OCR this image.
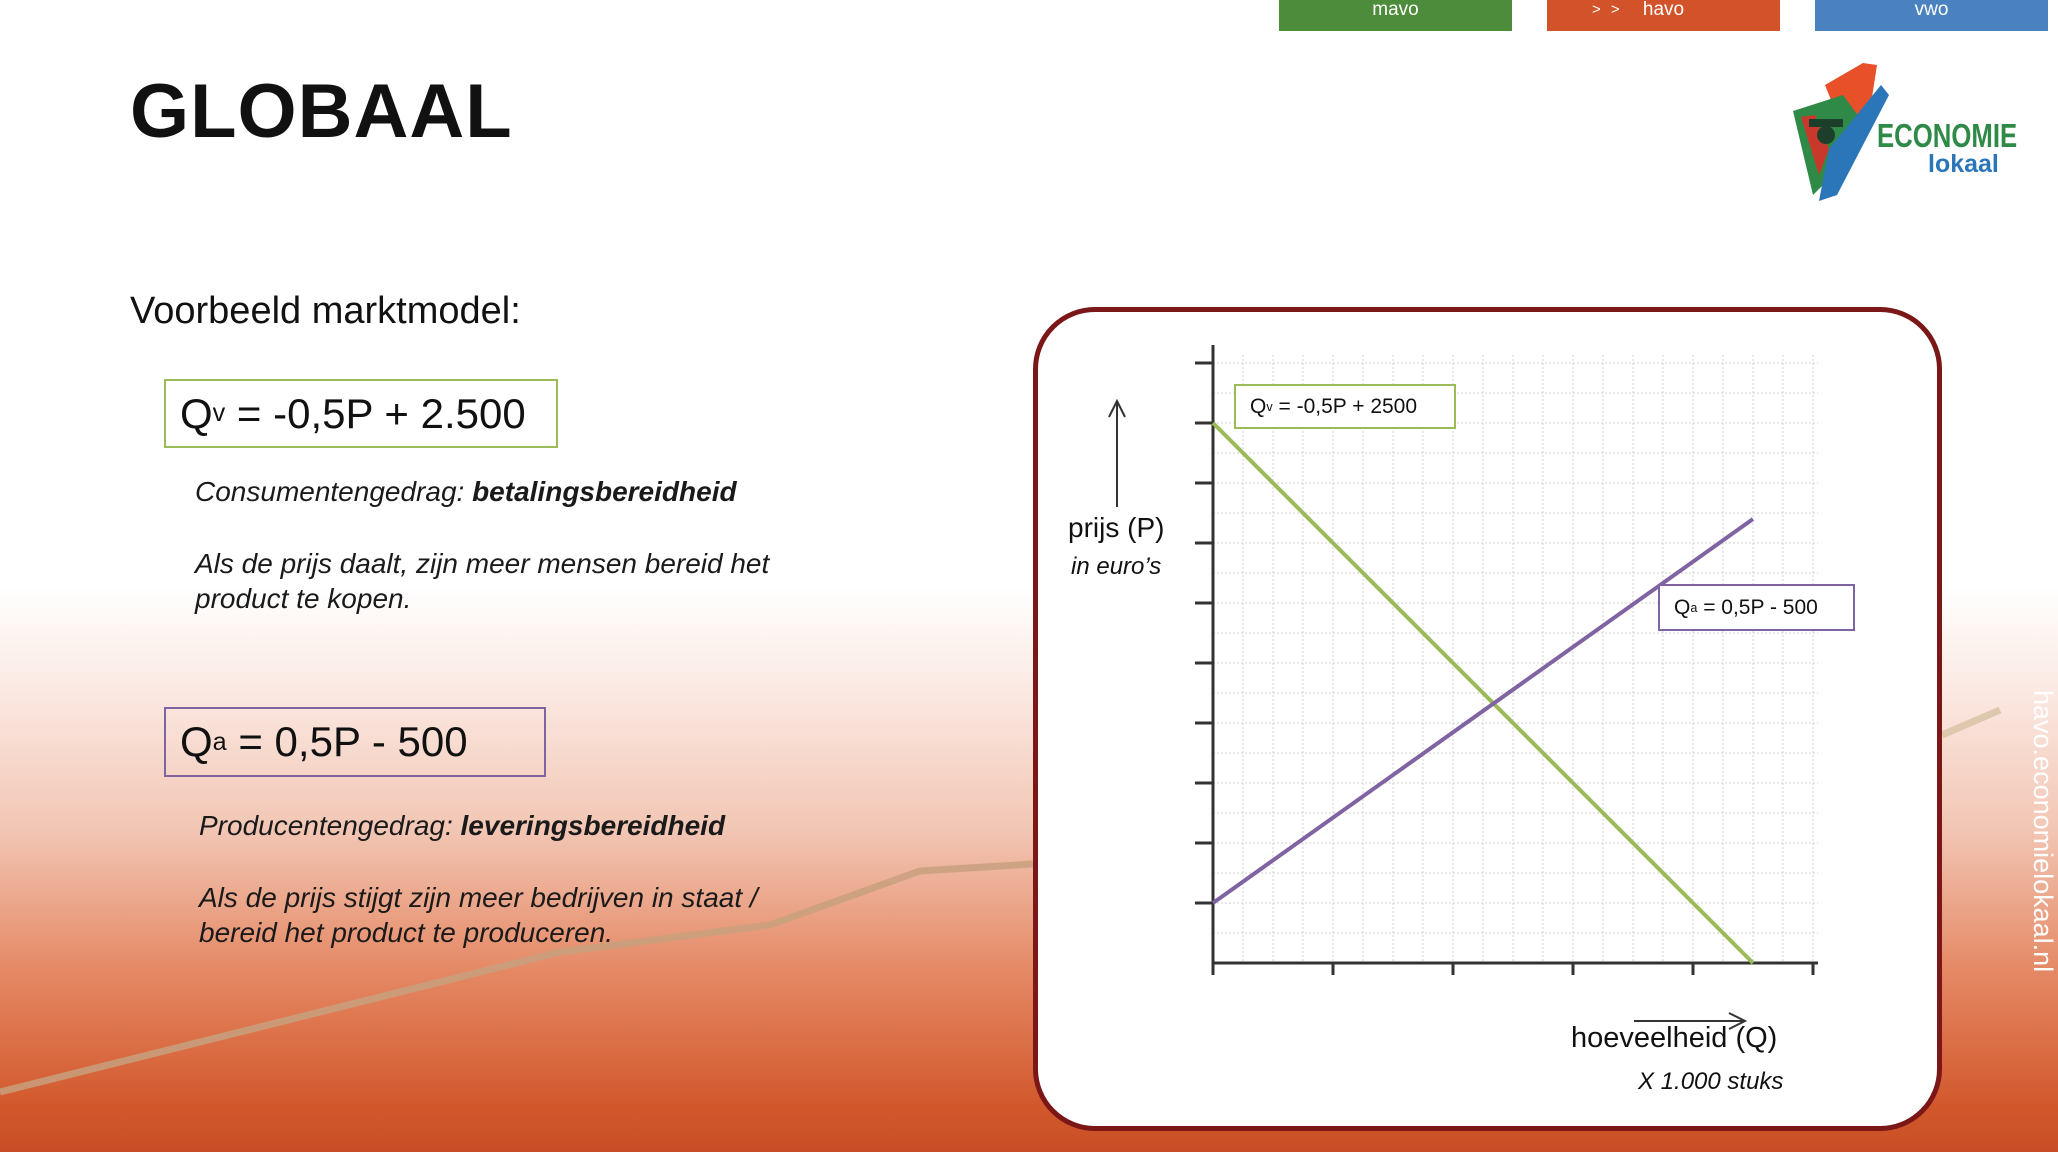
havo.economielokaal.nl
mavo	> > havo	vwo
GLOBAAL	ECONOMIE
lokaal
Voorbeeld marktmodel:
Q v = -0,5P + 2.500
Consumentengedrag: betalingsbereidheid
Als de prijs daalt, zijn meer mensen bereid het
product te kopen.
Q a = 0,5P - 500
Producentengedrag: leveringsbereidheid
Als de prijs stijgt zijn meer bedrijven in staat /
bereid het product te produceren.
Q v = -0,5P + 2500
Q a = 0,5P - 500
prijs (P)
in euro’s
hoeveelheid (Q)
X 1.000 stuks
